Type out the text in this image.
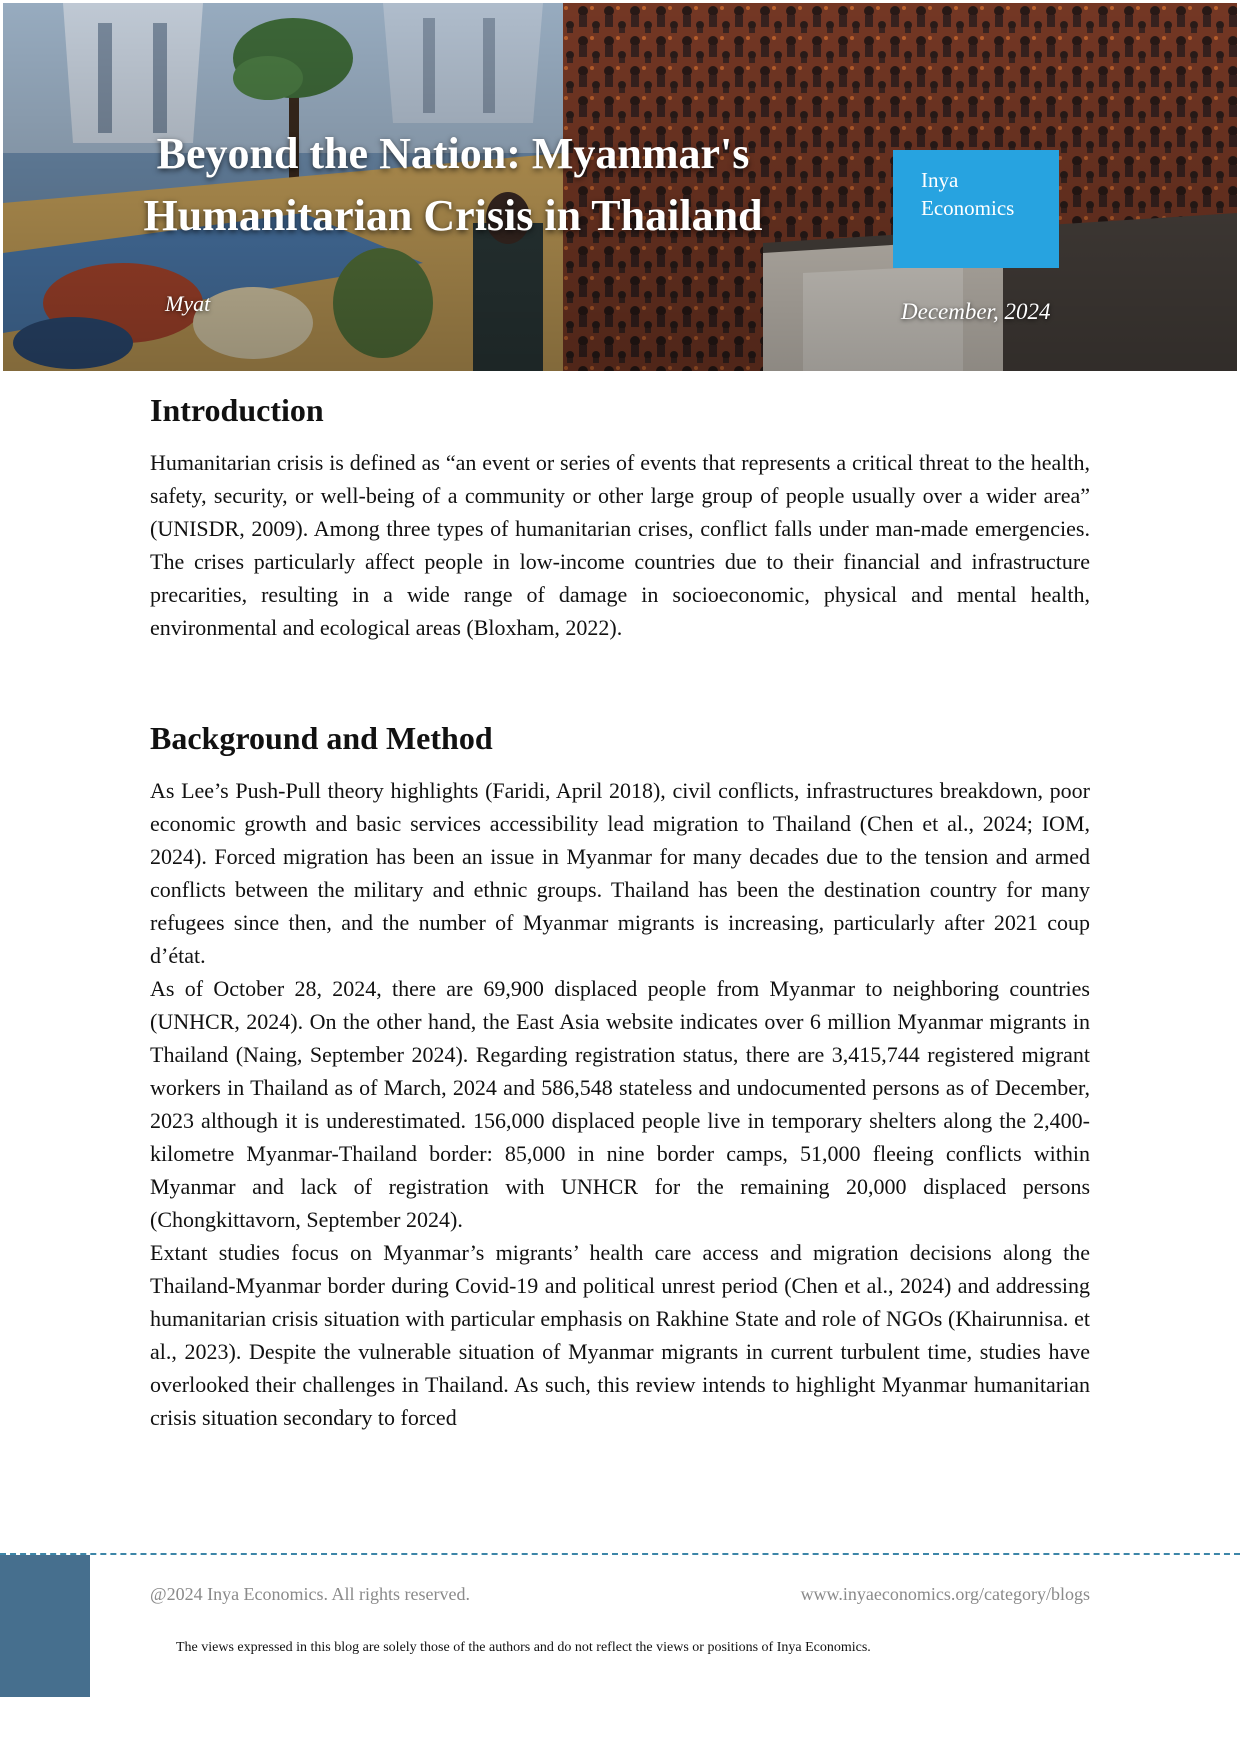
Beyond the Nation: Myanmar's
Humanitarian Crisis in Thailand
Myat	December, 2024
Inya
Economics
Introduction

Humanitarian crisis is defined as “an event or series of events that represents a critical threat to the health, safety, security, or well-being of a community or other large group of people usually over a wider area” (UNISDR, 2009). Among three types of humanitarian crises, conflict falls under man-made emergencies. The crises particularly affect people in low-income countries due to their financial and infrastructure precarities, resulting in a wide range of damage in socioeconomic, physical and mental health, environmental and ecological areas (Bloxham, 2022).

Background and Method

As Lee’s Push-Pull theory highlights (Faridi, April 2018), civil conflicts, infrastructures breakdown, poor economic growth and basic services accessibility lead migration to Thailand (Chen et al., 2024; IOM, 2024). Forced migration has been an issue in Myanmar for many decades due to the tension and armed conflicts between the military and ethnic groups. Thailand has been the destination country for many refugees since then, and the number of Myanmar migrants is increasing, particularly after 2021 coup d’état.

As of October 28, 2024, there are 69,900 displaced people from Myanmar to neighboring countries (UNHCR, 2024). On the other hand, the East Asia website indicates over 6 million Myanmar migrants in Thailand (Naing, September 2024). Regarding registration status, there are 3,415,744 registered migrant workers in Thailand as of March, 2024 and 586,548 stateless and undocumented persons as of December, 2023 although it is underestimated. 156,000 displaced people live in temporary shelters along the 2,400-kilometre Myanmar-Thailand border: 85,000 in nine border camps, 51,000 fleeing conflicts within Myanmar and lack of registration with UNHCR for the remaining 20,000 displaced persons (Chongkittavorn, September 2024).

Extant studies focus on Myanmar’s migrants’ health care access and migration decisions along the Thailand-Myanmar border during Covid-19 and political unrest period (Chen et al., 2024) and addressing humanitarian crisis situation with particular emphasis on Rakhine State and role of NGOs (Khairunnisa. et al., 2023). Despite the vulnerable situation of Myanmar migrants in current turbulent time, studies have overlooked their challenges in Thailand. As such, this review intends to highlight Myanmar humanitarian crisis situation secondary to forced

@2024 Inya Economics. All rights reserved.	www.inyaeconomics.org/category/blogs
The views expressed in this blog are solely those of the authors and do not reflect the views or positions of Inya Economics.
